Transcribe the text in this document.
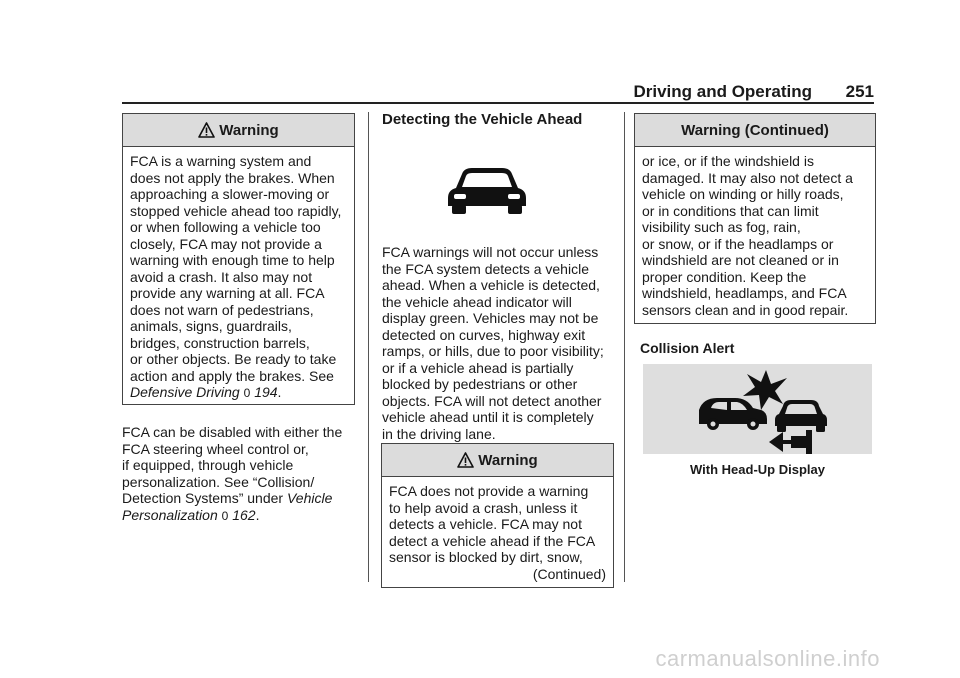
Driving and Operating 251
Warning
FCA is a warning system and
does not apply the brakes. When
approaching a slower-moving or
stopped vehicle ahead too rapidly,
or when following a vehicle too
closely, FCA may not provide a
warning with enough time to help
avoid a crash. It also may not
provide any warning at all. FCA
does not warn of pedestrians,
animals, signs, guardrails,
bridges, construction barrels,
or other objects. Be ready to take
action and apply the brakes. See
Defensive Driving 0 194.
FCA can be disabled with either the
FCA steering wheel control or,
if equipped, through vehicle
personalization. See “Collision/
Detection Systems” under Vehicle
Personalization 0 162.
Detecting the Vehicle Ahead
FCA warnings will not occur unless
the FCA system detects a vehicle
ahead. When a vehicle is detected,
the vehicle ahead indicator will
display green. Vehicles may not be
detected on curves, highway exit
ramps, or hills, due to poor visibility;
or if a vehicle ahead is partially
blocked by pedestrians or other
objects. FCA will not detect another
vehicle ahead until it is completely
in the driving lane.
Warning
FCA does not provide a warning
to help avoid a crash, unless it
detects a vehicle. FCA may not
detect a vehicle ahead if the FCA
sensor is blocked by dirt, snow,
(Continued)
Warning (Continued)
or ice, or if the windshield is
damaged. It may also not detect a
vehicle on winding or hilly roads,
or in conditions that can limit
visibility such as fog, rain,
or snow, or if the headlamps or
windshield are not cleaned or in
proper condition. Keep the
windshield, headlamps, and FCA
sensors clean and in good repair.
Collision Alert
With Head-Up Display
carmanualsonline.info
